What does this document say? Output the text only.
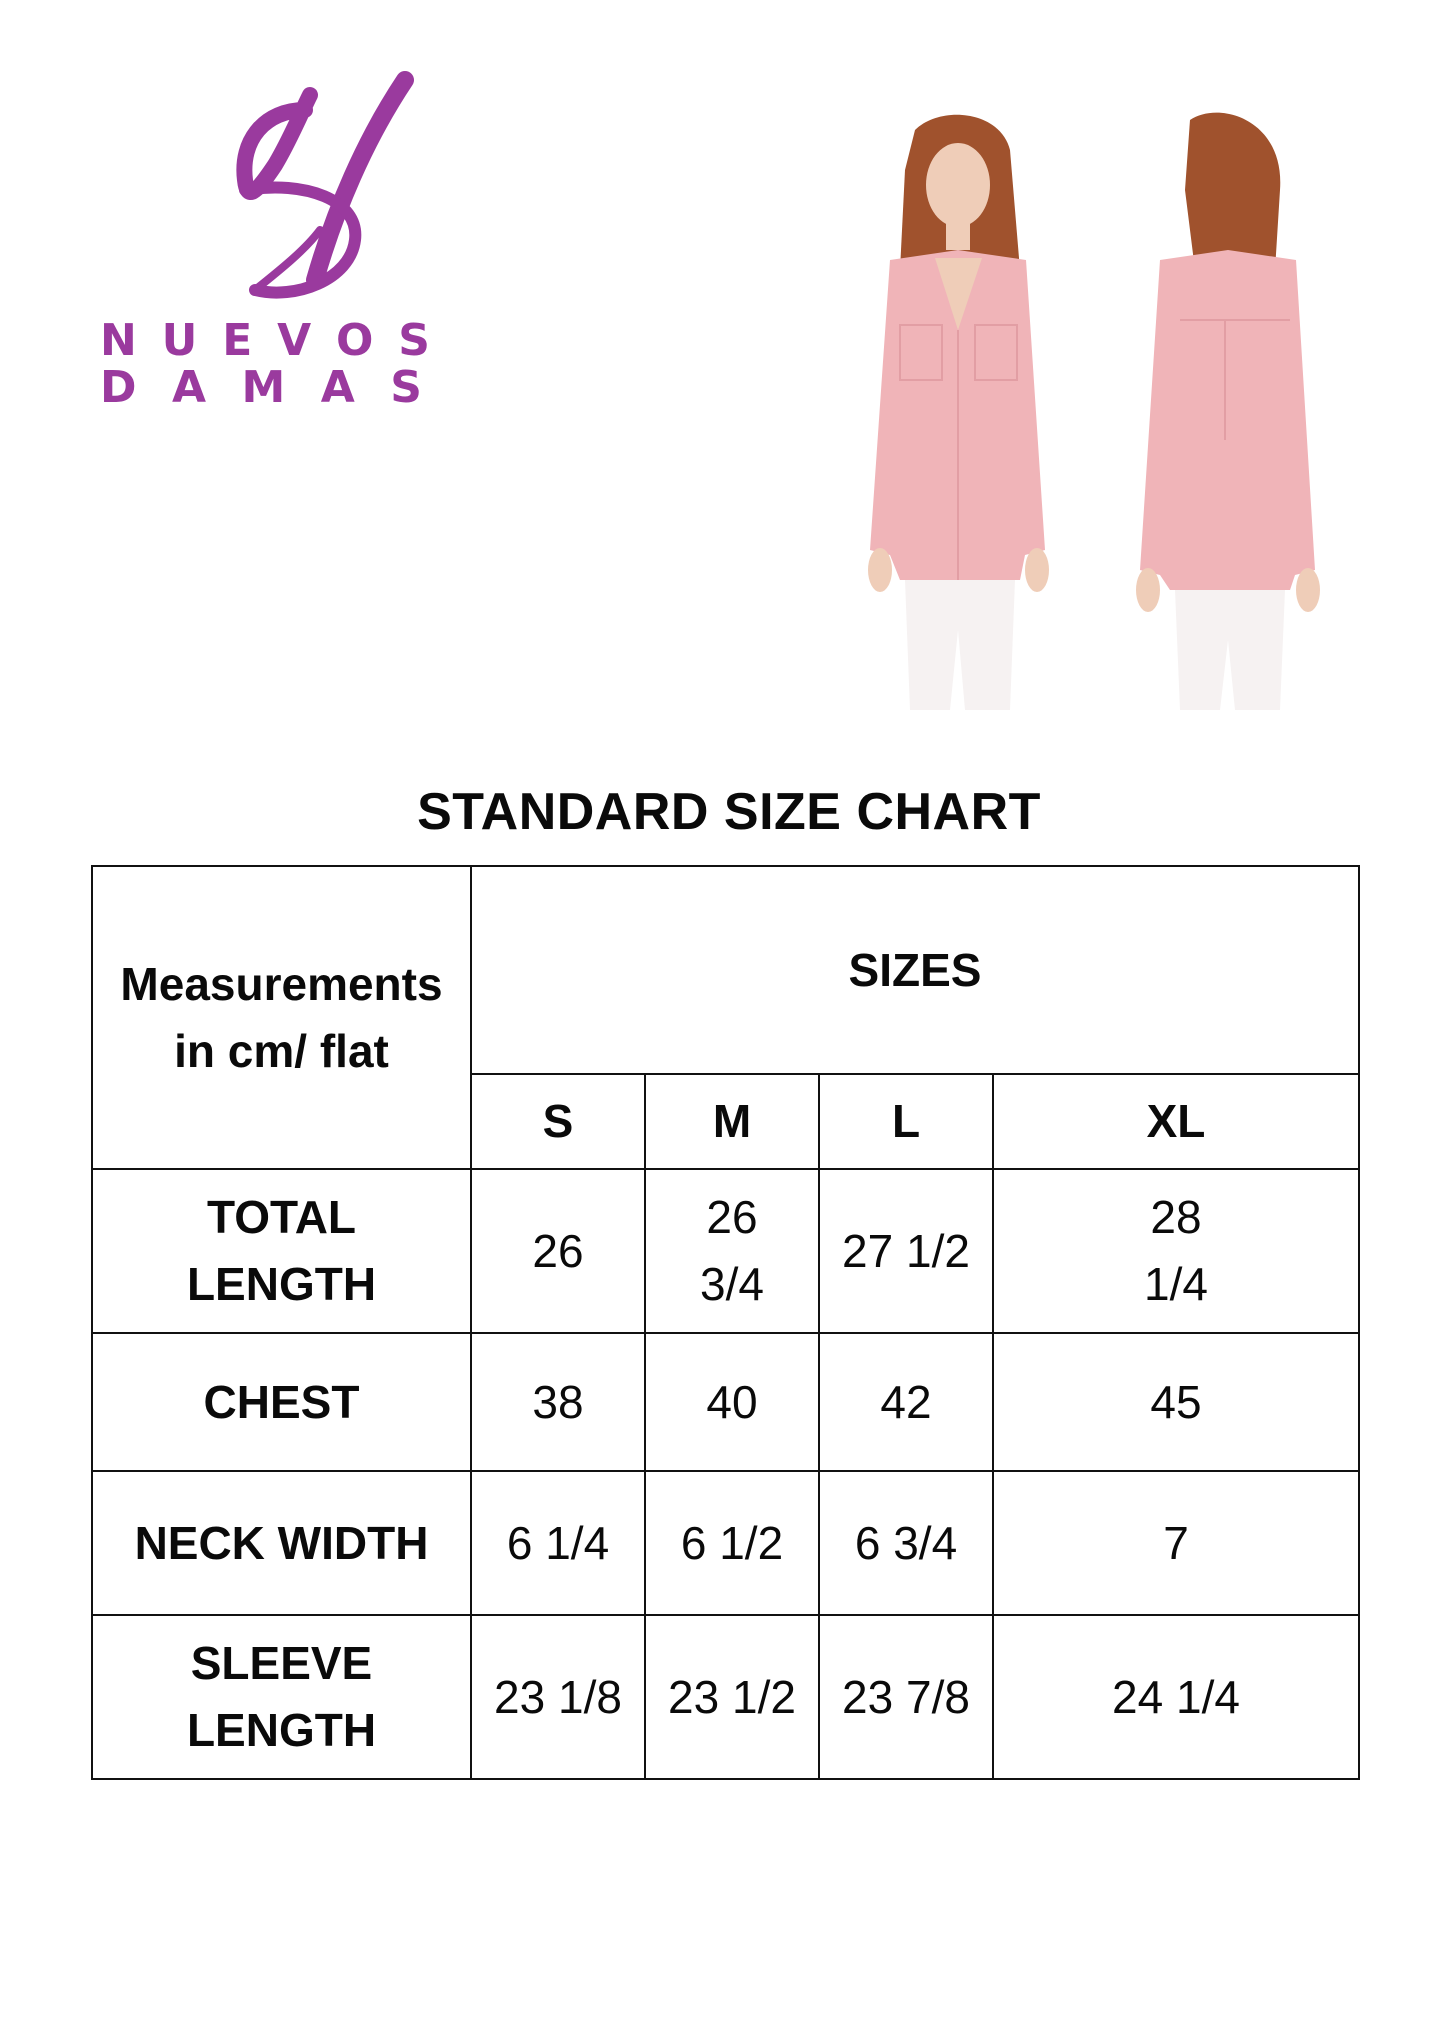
N U E V O S
D A M A S
STANDARD SIZE CHART
Measurements in cm/ flat	SIZES			
	S	M	L	XL
TOTAL LENGTH	26	26 3/4	27 1/2	28 1/4
CHEST	38	40	42	45
NECK WIDTH	6 1/4	6 1/2	6 3/4	7
SLEEVE LENGTH	23 1/8	23 1/2	23 7/8	24 1/4
